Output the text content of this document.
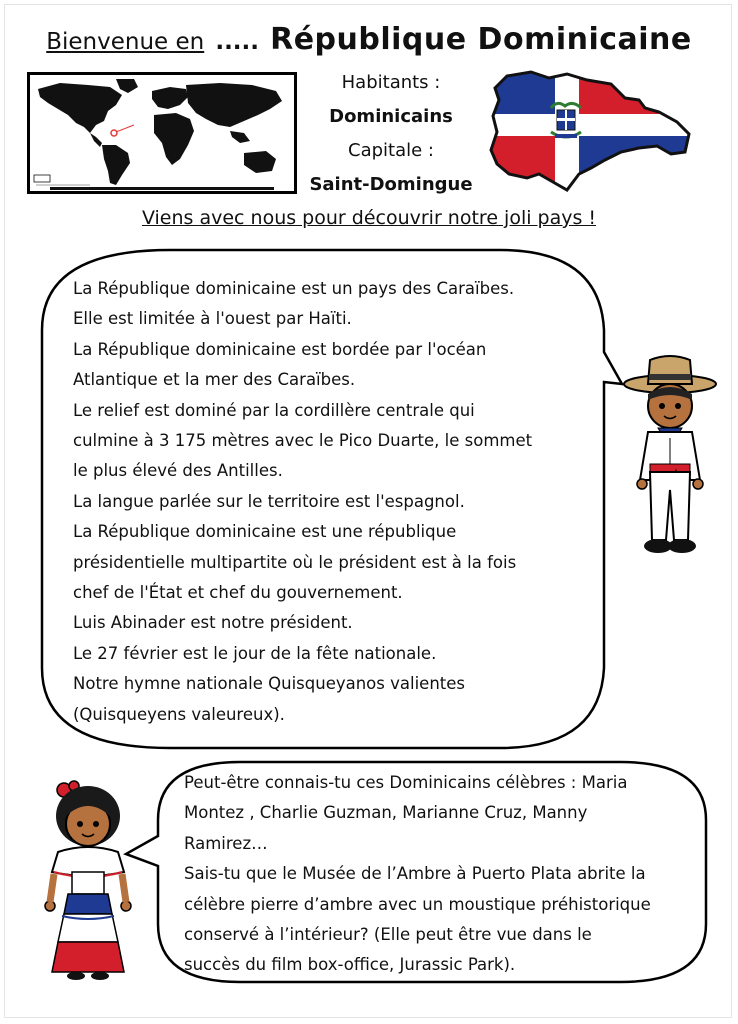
Bienvenue en ..... République Dominicaine
Habitants :
Dominicains
Capitale :
Saint-Domingue
Viens avec nous pour découvrir notre joli pays !
La République dominicaine est un pays des Caraïbes.
Elle est limitée à l'ouest par Haïti.
La République dominicaine est bordée par l'océan
Atlantique et la mer des Caraïbes.
Le relief est dominé par la cordillère centrale qui
culmine à 3 175 mètres avec le Pico Duarte, le sommet
le plus élevé des Antilles.
La langue parlée sur le territoire est l'espagnol.
La République dominicaine est une république
présidentielle multipartite où le président est à la fois
chef de l'État et chef du gouvernement.
Luis Abinader est notre président.
Le 27 février est le jour de la fête nationale.
Notre hymne nationale Quisqueyanos valientes
(Quisqueyens valeureux).
Peut-être connais-tu ces Dominicains célèbres : Maria
Montez , Charlie Guzman, Marianne Cruz, Manny
Ramirez…
Sais-tu que le Musée de l’Ambre à Puerto Plata abrite la
célèbre pierre d’ambre avec un moustique préhistorique
conservé à l’intérieur? (Elle peut être vue dans le
succès du film box-office, Jurassic Park).
